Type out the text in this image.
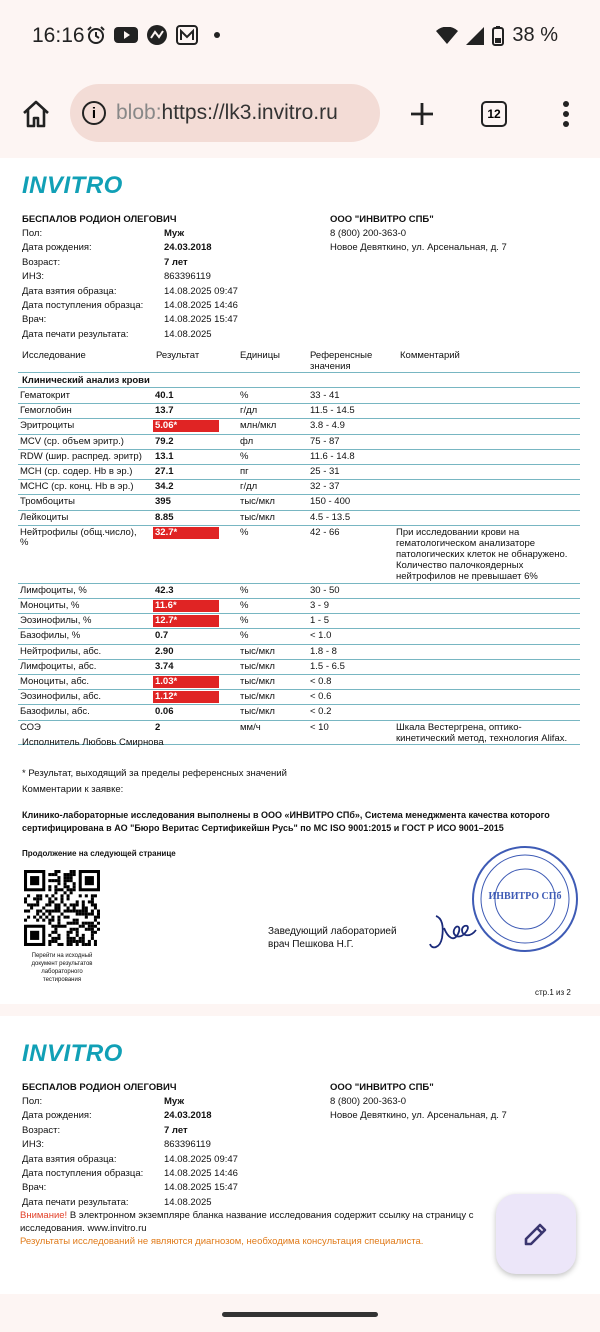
16:16	38 %
i blob:https://lk3.invitro.ru	12
INVITRO
БЕСПАЛОВ РОДИОН ОЛЕГОВИЧ
Пол:	Муж
Дата рождения:	24.03.2018
Возраст:	7 лет
ИНЗ:	863396119
Дата взятия образца:	14.08.2025 09:47
Дата поступления образца: 14.08.2025 14:46
Врач:	14.08.2025 15:47
Дата печати результата:	14.08.2025
ООО "ИНВИТРО СПБ"
8 (800) 200-363-0
Новое Девяткино, ул. Арсенальная, д. 7
Исследование	Результат	Единицы	Референсные
значения
Комментарий
Клинический анализ крови
Гематокрит	40.1	%	33 - 41
Гемоглобин	13.7	г/дл	11.5 - 14.5
Эритроциты	5.06*	млн/мкл	3.8 - 4.9
MCV (ср. объем эритр.)	79.2	фл	75 - 87
RDW (шир. распред. эритр) 13.1	%	11.6 - 14.8
MCH (ср. содер. Hb в эр.) 27.1	пг	25 - 31
MCHC (ср. конц. Hb в эр.) 34.2	г/дл	32 - 37
Тромбоциты	395	тыс/мкл	150 - 400
Лейкоциты	8.85	тыс/мкл	4.5 - 13.5
Нейтрофилы (общ.число),
%
32.7*	%	42 - 66	При исследовании крови на
гематологическом анализаторе
патологических клеток не обнаружено.
Количество палочкоядерных
нейтрофилов не превышает 6%
Лимфоциты, %	42.3	%	30 - 50
Моноциты, %	11.6*	%	3 - 9
Эозинофилы, %	12.7*	%	1 - 5
Базофилы, %	0.7	%	< 1.0
Нейтрофилы, абс.	2.90	тыс/мкл	1.8 - 8
Лимфоциты, абс.	3.74	тыс/мкл	1.5 - 6.5
Моноциты, абс.	1.03*	тыс/мкл	< 0.8
Эозинофилы, абс.	1.12*	тыс/мкл	< 0.6
Базофилы, абс.	0.06	тыс/мкл	< 0.2
СОЭ	2	мм/ч	< 10	Шкала Вестергрена, оптико-
кинетический метод, технология Alifax.
Исполнитель Любовь Смирнова
* Результат, выходящий за пределы референсных значений
Комментарии к заявке:
Клинико-лабораторные исследования выполнены в ООО «ИНВИТРО СПб», Система менеджмента качества которого
сертифицирована в АО "Бюро Веритас Сертификейшн Русь" по МС ISO 9001:2015 и ГОСТ Р ИСО 9001–2015
Продолжение на следующей странице
Перейти на исходный
документ результатов
лабораторного тестирования
Заведующий лабораторией
врач Пешкова Н.Г.
ИНВИТРО СПб
стр.1 из 2
INVITRO
БЕСПАЛОВ РОДИОН ОЛЕГОВИЧ
Пол:	Муж
Дата рождения:	24.03.2018
Возраст:	7 лет
ИНЗ:	863396119
Дата взятия образца:	14.08.2025 09:47
Дата поступления образца: 14.08.2025 14:46
Врач:	14.08.2025 15:47
Дата печати результата:	14.08.2025
ООО "ИНВИТРО СПБ"
8 (800) 200-363-0
Новое Девяткино, ул. Арсенальная, д. 7
Внимание! В электронном экземпляре бланка название исследования содержит ссылку на страницу с
исследования. www.invitro.ru
Результаты исследований не являются диагнозом, необходима консультация специалиста.
